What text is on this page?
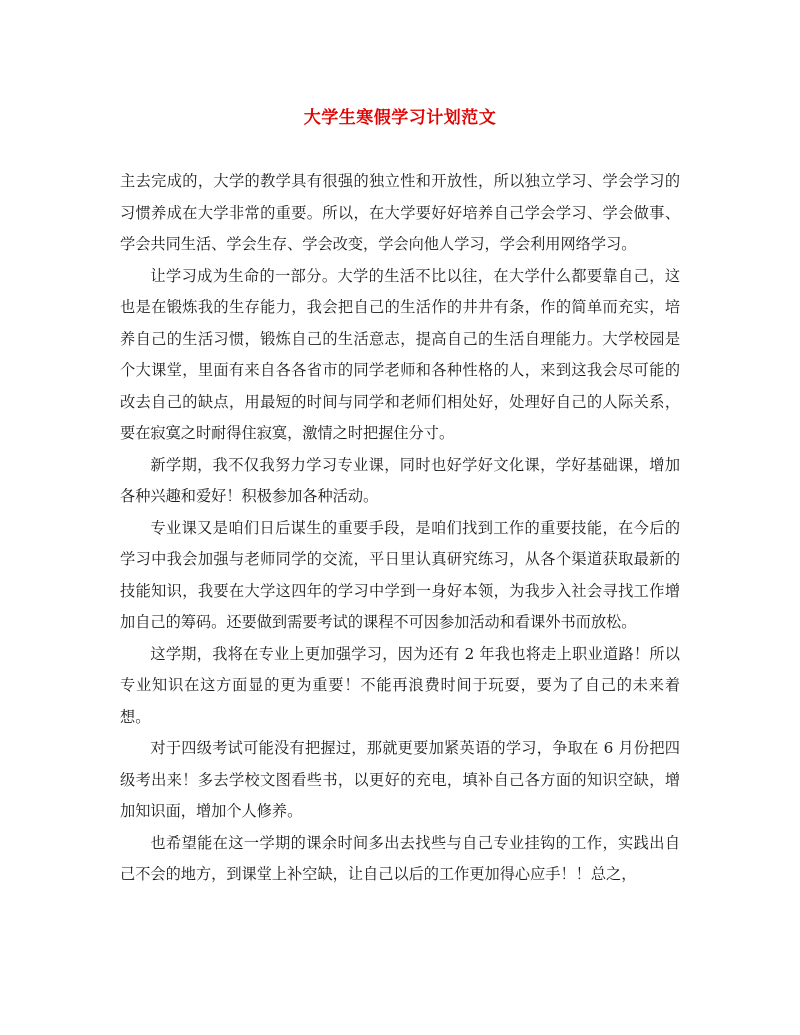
大学生寒假学习计划范文

主去完成的，大学的教学具有很强的独立性和开放性，所以独立学习、学会学习的习惯养成在大学非常的重要。所以，在大学要好好培养自己学会学习、学会做事、学会共同生活、学会生存、学会改变，学会向他人学习，学会利用网络学习。

让学习成为生命的一部分。大学的生活不比以往，在大学什么都要靠自己，这也是在锻炼我的生存能力，我会把自己的生活作的井井有条，作的简单而充实，培养自己的生活习惯，锻炼自己的生活意志，提高自己的生活自理能力。大学校园是个大课堂，里面有来自各各省市的同学老师和各种性格的人，来到这我会尽可能的改去自己的缺点，用最短的时间与同学和老师们相处好，处理好自己的人际关系，要在寂寞之时耐得住寂寞，激情之时把握住分寸。

新学期，我不仅我努力学习专业课，同时也好学好文化课，学好基础课，增加各种兴趣和爱好！积极参加各种活动。

专业课又是咱们日后谋生的重要手段，是咱们找到工作的重要技能，在今后的学习中我会加强与老师同学的交流，平日里认真研究练习，从各个渠道获取最新的技能知识，我要在大学这四年的学习中学到一身好本领，为我步入社会寻找工作增加自己的筹码。还要做到需要考试的课程不可因参加活动和看课外书而放松。

这学期，我将在专业上更加强学习，因为还有 2 年我也将走上职业道路！所以专业知识在这方面显的更为重要！不能再浪费时间于玩耍，要为了自己的未来着想。

对于四级考试可能没有把握过，那就更要加紧英语的学习，争取在 6 月份把四级考出来！多去学校文图看些书，以更好的充电，填补自己各方面的知识空缺，增加知识面，增加个人修养。

也希望能在这一学期的课余时间多出去找些与自己专业挂钩的工作，实践出自己不会的地方，到课堂上补空缺，让自己以后的工作更加得心应手！！总之，
